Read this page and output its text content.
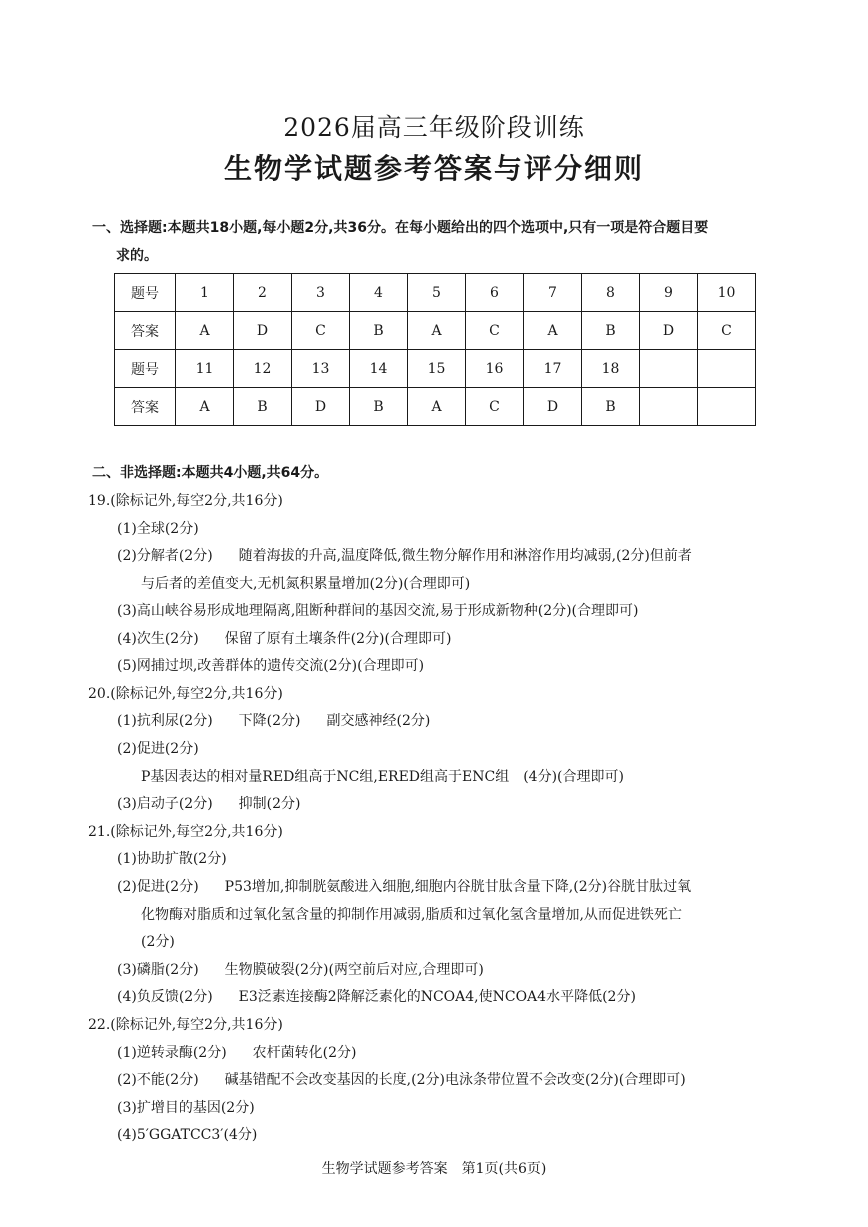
2026届高三年级阶段训练
生物学试题参考答案与评分细则
一、选择题:本题共18小题,每小题2分,共36分。在每小题给出的四个选项中,只有一项是符合题目要
求的。
题号	1	2	3	4	5	6	7	8	9	10
答案	A	D	C	B	A	C	A	B	D	C
题号	11	12	13	14	15	16	17	18		
答案	A	B	D	B	A	C	D	B		
二、非选择题:本题共4小题,共64分。
19.(除标记外,每空2分,共16分)
(1)全球(2分)
(2)分解者(2分) 随着海拔的升高,温度降低,微生物分解作用和淋溶作用均减弱,(2分)但前者
与后者的差值变大,无机氮积累量增加(2分)(合理即可)
(3)高山峡谷易形成地理隔离,阻断种群间的基因交流,易于形成新物种(2分)(合理即可)
(4)次生(2分) 保留了原有土壤条件(2分)(合理即可)
(5)网捕过坝,改善群体的遗传交流(2分)(合理即可)
20.(除标记外,每空2分,共16分)
(1)抗利尿(2分) 下降(2分) 副交感神经(2分)
(2)促进(2分)
P基因表达的相对量RED组高于NC组,ERED组高于ENC组　(4分)(合理即可)
(3)启动子(2分) 抑制(2分)
21.(除标记外,每空2分,共16分)
(1)协助扩散(2分)
(2)促进(2分) P53增加,抑制胱氨酸进入细胞,细胞内谷胱甘肽含量下降,(2分)谷胱甘肽过氧
化物酶对脂质和过氧化氢含量的抑制作用减弱,脂质和过氧化氢含量增加,从而促进铁死亡
(2分)
(3)磷脂(2分) 生物膜破裂(2分)(两空前后对应,合理即可)
(4)负反馈(2分) E3泛素连接酶2降解泛素化的NCOA4,使NCOA4水平降低(2分)
22.(除标记外,每空2分,共16分)
(1)逆转录酶(2分) 农杆菌转化(2分)
(2)不能(2分) 碱基错配不会改变基因的长度,(2分)电泳条带位置不会改变(2分)(合理即可)
(3)扩增目的基因(2分)
(4)5′GGATCC3′(4分)
生物学试题参考答案　第1页(共6页)
